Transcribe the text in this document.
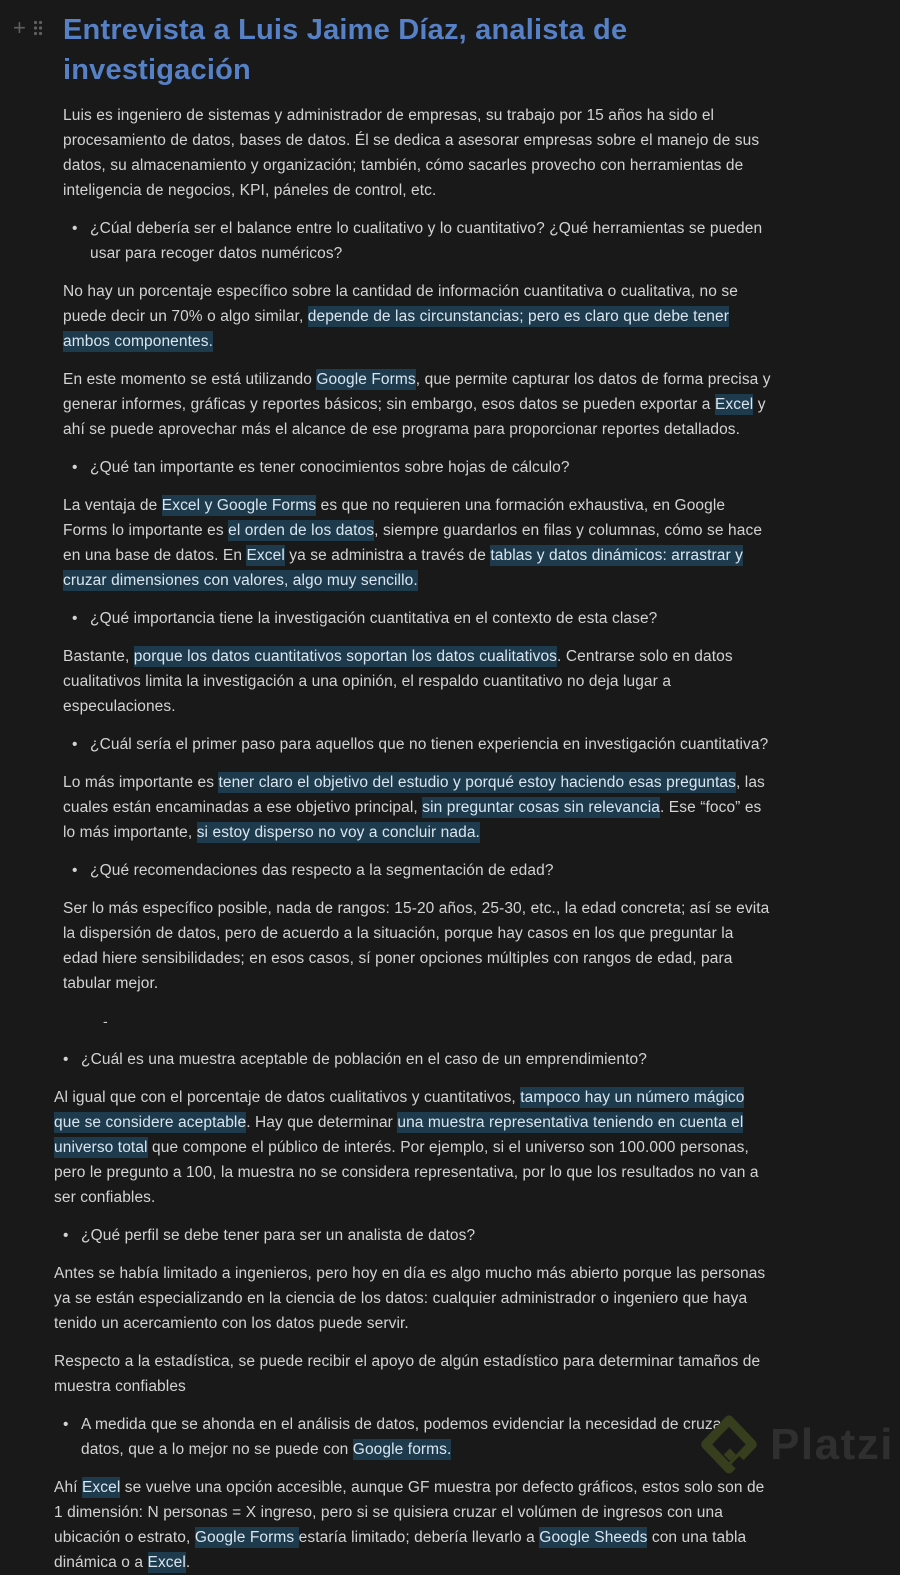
+ Entrevista a Luis Jaime Díaz, analista de investigación
Luis es ingeniero de sistemas y administrador de empresas, su trabajo por 15 años ha sido el procesamiento de datos, bases de datos. Él se dedica a asesorar empresas sobre el manejo de sus datos, su almacenamiento y organización; también, cómo sacarles provecho con herramientas de inteligencia de negocios, KPI, páneles de control, etc.
• ¿Cúal debería ser el balance entre lo cualitativo y lo cuantitativo? ¿Qué herramientas se pueden usar para recoger datos numéricos?
No hay un porcentaje específico sobre la cantidad de información cuantitativa o cualitativa, no se puede decir un 70% o algo similar, depende de las circunstancias; pero es claro que debe tener ambos componentes.
En este momento se está utilizando Google Forms, que permite capturar los datos de forma precisa y generar informes, gráficas y reportes básicos; sin embargo, esos datos se pueden exportar a Excel y ahí se puede aprovechar más el alcance de ese programa para proporcionar reportes detallados.
• ¿Qué tan importante es tener conocimientos sobre hojas de cálculo?
La ventaja de Excel y Google Forms es que no requieren una formación exhaustiva, en Google Forms lo importante es el orden de los datos, siempre guardarlos en filas y columnas, cómo se hace en una base de datos. En Excel ya se administra a través de tablas y datos dinámicos: arrastrar y cruzar dimensiones con valores, algo muy sencillo.
• ¿Qué importancia tiene la investigación cuantitativa en el contexto de esta clase?
Bastante, porque los datos cuantitativos soportan los datos cualitativos. Centrarse solo en datos cualitativos limita la investigación a una opinión, el respaldo cuantitativo no deja lugar a especulaciones.
• ¿Cuál sería el primer paso para aquellos que no tienen experiencia en investigación cuantitativa?
Lo más importante es tener claro el objetivo del estudio y porqué estoy haciendo esas preguntas, las cuales están encaminadas a ese objetivo principal, sin preguntar cosas sin relevancia. Ese “foco” es lo más importante, si estoy disperso no voy a concluir nada.
• ¿Qué recomendaciones das respecto a la segmentación de edad?
Ser lo más específico posible, nada de rangos: 15-20 años, 25-30, etc., la edad concreta; así se evita la dispersión de datos, pero de acuerdo a la situación, porque hay casos en los que preguntar la edad hiere sensibilidades; en esos casos, sí poner opciones múltiples con rangos de edad, para tabular mejor.
-
• ¿Cuál es una muestra aceptable de población en el caso de un emprendimiento?
Al igual que con el porcentaje de datos cualitativos y cuantitativos, tampoco hay un número mágico que se considere aceptable. Hay que determinar una muestra representativa teniendo en cuenta el universo total que compone el público de interés. Por ejemplo, si el universo son 100.000 personas, pero le pregunto a 100, la muestra no se considera representativa, por lo que los resultados no van a ser confiables.
• ¿Qué perfil se debe tener para ser un analista de datos?
Antes se había limitado a ingenieros, pero hoy en día es algo mucho más abierto porque las personas ya se están especializando en la ciencia de los datos: cualquier administrador o ingeniero que haya tenido un acercamiento con los datos puede servir.
Respecto a la estadística, se puede recibir el apoyo de algún estadístico para determinar tamaños de muestra confiables
• A medida que se ahonda en el análisis de datos, podemos evidenciar la necesidad de cruzar datos, que a lo mejor no se puede con Google forms.
Ahí Excel se vuelve una opción accesible, aunque GF muestra por defecto gráficos, estos solo son de 1 dimensión: N personas = X ingreso, pero si se quisiera cruzar el volúmen de ingresos con una ubicación o estrato, Google Forms estaría limitado; debería llevarlo a Google Sheeds con una tabla dinámica o a Excel.
Platzi
